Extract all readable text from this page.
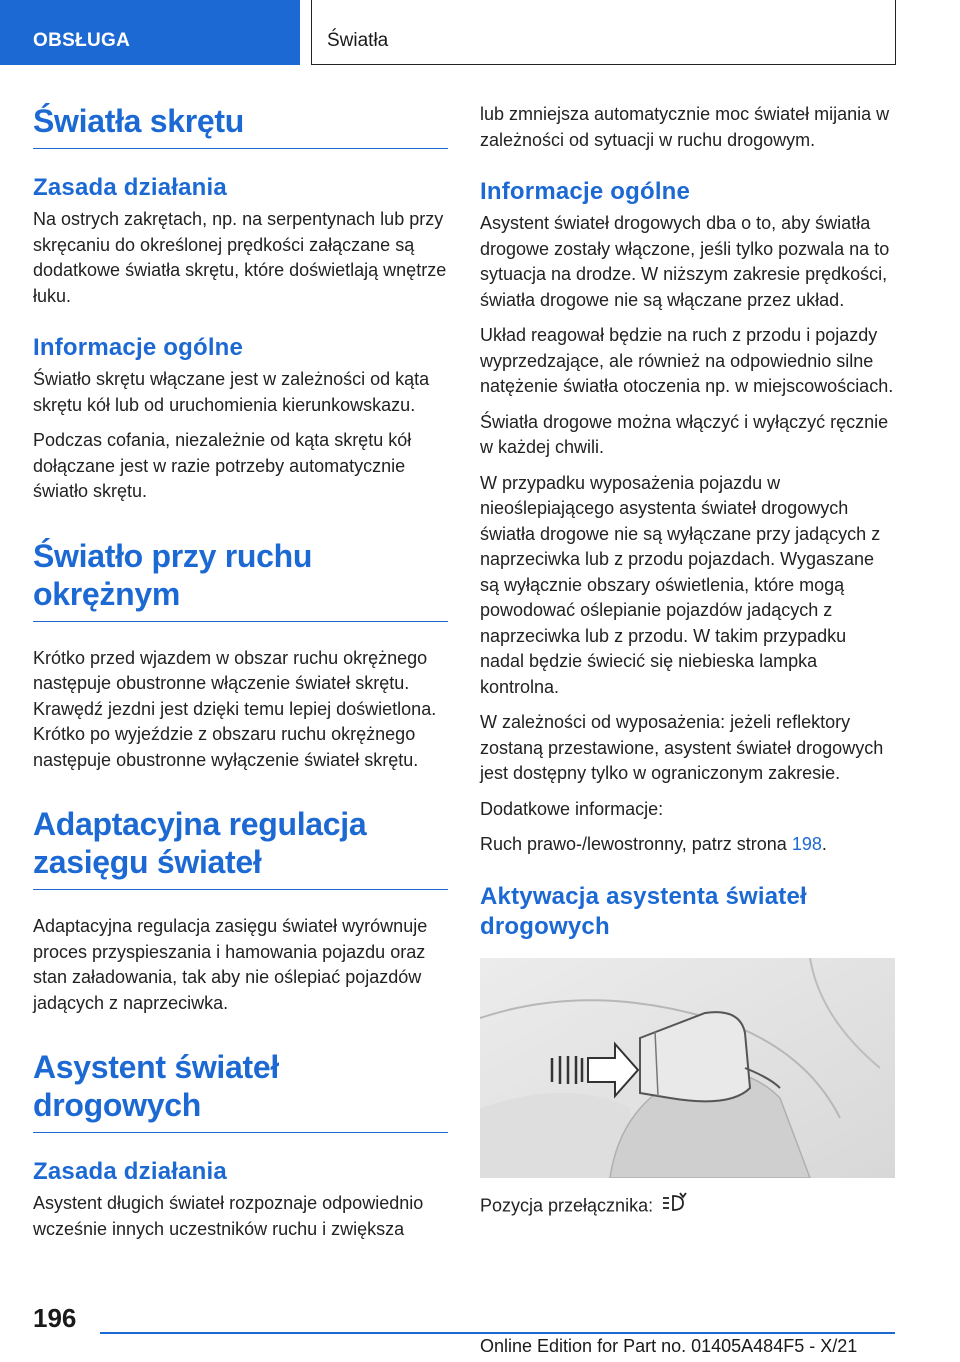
OBSŁUGA	Światła
Światła skrętu
Zasada działania

Na ostrych zakrętach, np. na serpentynach lub przy skręcaniu do określonej prędkości załączane są dodatkowe światła skrętu, które doświetlają wnętrze łuku.

Informacje ogólne

Światło skrętu włączane jest w zależności od kąta skrętu kół lub od uruchomienia kierunkowskazu.

Podczas cofania, niezależnie od kąta skrętu kół dołączane jest w razie potrzeby automatycznie światło skrętu.

Światło przy ruchu okrężnym

Krótko przed wjazdem w obszar ruchu okrężnego następuje obustronne włączenie świateł skrętu. Krawędź jezdni jest dzięki temu lepiej doświetlona. Krótko po wyjeździe z obszaru ruchu okrężnego następuje obustronne wyłączenie świateł skrętu.

Adaptacyjna regulacja zasięgu świateł

Adaptacyjna regulacja zasięgu świateł wyrównuje proces przyspieszania i hamowania pojazdu oraz stan załadowania, tak aby nie oślepiać pojazdów jadących z naprzeciwka.

Asystent świateł drogowych
Zasada działania

Asystent długich świateł rozpoznaje odpowiednio wcześnie innych uczestników ruchu i zwiększa

lub zmniejsza automatycznie moc świateł mijania w zależności od sytuacji w ruchu drogowym.

Informacje ogólne

Asystent świateł drogowych dba o to, aby światła drogowe zostały włączone, jeśli tylko pozwala na to sytuacja na drodze. W niższym zakresie prędkości, światła drogowe nie są włączane przez układ.

Układ reagował będzie na ruch z przodu i pojazdy wyprzedzające, ale również na odpowiednio silne natężenie światła otoczenia np. w miejscowościach.

Światła drogowe można włączyć i wyłączyć ręcznie w każdej chwili.

W przypadku wyposażenia pojazdu w nieoślepiającego asystenta świateł drogowych światła drogowe nie są wyłączane przy jadących z naprzeciwka lub z przodu pojazdach. Wygaszane są wyłącznie obszary oświetlenia, które mogą powodować oślepianie pojazdów jadących z naprzeciwka lub z przodu. W takim przypadku nadal będzie świecić się niebieska lampka kontrolna.

W zależności od wyposażenia: jeżeli reflektory zostaną przestawione, asystent świateł drogowych jest dostępny tylko w ograniczonym zakresie.

Dodatkowe informacje:

Ruch prawo-/lewostronny, patrz strona 198.

Aktywacja asystenta świateł drogowych

Pozycja przełącznika:

196
Online Edition for Part no. 01405A484F5 - X/21
